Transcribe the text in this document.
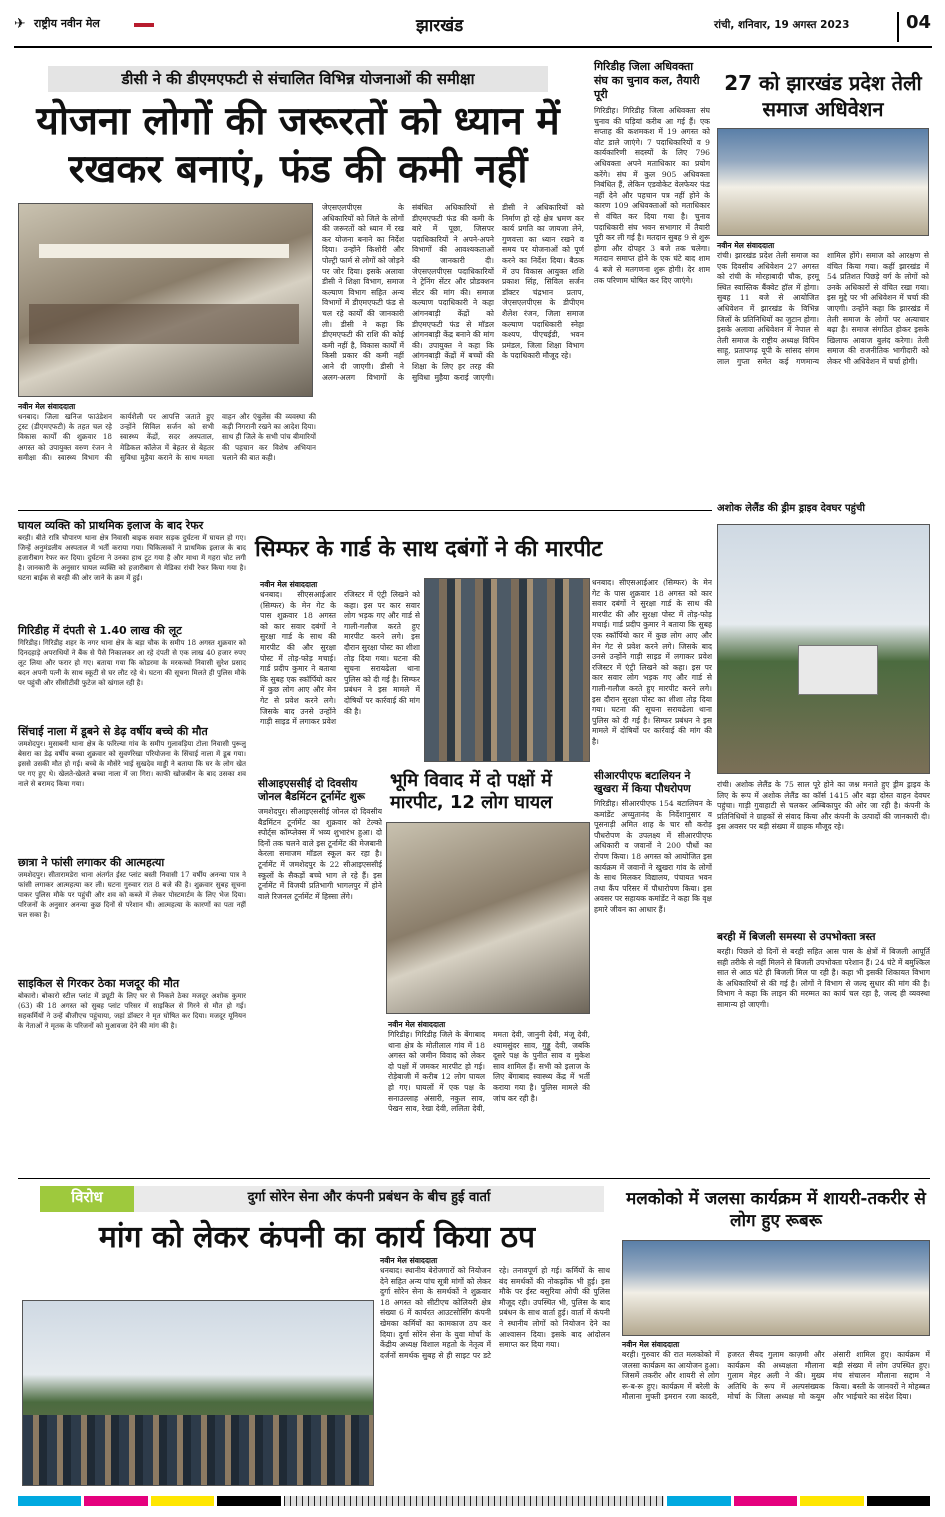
✈ राष्ट्रीय नवीन मेल	झारखंड	रांची, शनिवार, 19 अगस्त 2023	04
डीसी ने की डीएमएफटी से संचालित विभिन्न योजनाओं की समीक्षा
योजना लोगों की जरूरतों को ध्यान में रखकर बनाएं, फंड की कमी नहीं
नवीन मेल संवाददाता
धनबाद। जिला खनिज फाउंडेशन ट्रस्ट (डीएमएफटी) के तहत चल रहे विकास कार्यों की शुक्रवार 18 अगस्त को उपायुक्त वरुण रंजन ने समीक्षा की। स्वास्थ्य विभाग की कार्यशैली पर आपत्ति जताते हुए उन्होंने सिविल सर्जन को सभी स्वास्थ्य केंद्रों, सदर अस्पताल, मेडिकल कॉलेज में बेहतर से बेहतर सुविधा मुहैया कराने के साथ ममता वाहन और एंबुलेंस की व्यवस्था की कड़ी निगरानी रखने का आदेश दिया। साथ ही जिले के सभी पांच बीमारियों की पहचान कर विशेष अभियान चलाने की बात कही।
जेएसएलपीएस के अधिकारियों को जिले के लोगों की जरूरतों को ध्यान में रख कर योजना बनाने का निर्देश दिया। उन्होंने किशोरी और पोल्ट्री फार्म से लोगों को जोड़ने पर जोर दिया। इसके अलावा डीसी ने शिक्षा विभाग, समाज कल्याण विभाग सहित अन्य विभागों में डीएमएफटी फंड से चल रहे कार्यों की जानकारी ली। डीसी ने कहा कि डीएमएफटी की राशि की कोई कमी नहीं है, विकास कार्यों में किसी प्रकार की कमी नहीं आने दी जाएगी। डीसी ने अलग-अलग विभागों के संबंधित अधिकारियों से डीएमएफटी फंड की कमी के बारे में पूछा, जिसपर पदाधिकारियों ने अपने-अपने विभागों की आवश्यकताओं की जानकारी दी। जेएसएलपीएस पदाधिकारियों ने ट्रेनिंग सेंटर और प्रोडक्शन सेंटर की मांग की। समाज कल्याण पदाधिकारी ने कहा आंगनबाड़ी केंद्रों को डीएमएफटी फंड से मॉडल आंगनबाड़ी केंद्र बनाने की मांग की। उपायुक्त ने कहा कि आंगनबाड़ी केंद्रों में बच्चों की शिक्षा के लिए हर तरह की सुविधा मुहैया कराई जाएगी। डीसी ने अधिकारियों को निर्माण हो रहे क्षेत्र भ्रमण कर कार्य प्रगति का जायजा लेने, गुणवत्ता का ध्यान रखने व समय पर योजनाओं को पूर्ण करने का निर्देश दिया। बैठक में उप विकास आयुक्त शशि प्रकाश सिंह, सिविल सर्जन डॉक्टर चंद्रभान प्रताप, जेएसएलपीएस के डीपीएम शैलेश रंजन, जिला समाज कल्याण पदाधिकारी स्नेहा कश्यप, पीएचईडी, भवन प्रमंडल, जिला शिक्षा विभाग के पदाधिकारी मौजूद रहे।
गिरिडीह जिला अधिवक्ता संघ का चुनाव कल, तैयारी पूरी
गिरिडीह। गिरिडीह जिला अधिवक्ता संघ चुनाव की घड़ियां करीब आ गई हैं। एक सप्ताह की कशमकश में 19 अगस्त को वोट डाले जाएंगे। 7 पदाधिकारियों व 9 कार्यकारिणी सदस्यों के लिए 796 अधिवक्ता अपने मताधिकार का प्रयोग करेंगे। संघ में कुल 905 अधिवक्ता निबंधित हैं, लेकिन एडवोकेट वेलफेयर फंड नहीं देने और पहचान पत्र नहीं होने के कारण 109 अधिवक्ताओं को मताधिकार से वंचित कर दिया गया है। चुनाव पदाधिकारी संघ भवन सभागार में तैयारी पूरी कर ली गई है। मतदान सुबह 9 से शुरू होगा और दोपहर 3 बजे तक चलेगा। मतदान समाप्त होने के एक घंटे बाद शाम 4 बजे से मतगणना शुरू होगी। देर शाम तक परिणाम घोषित कर दिए जाएंगे।
27 को झारखंड प्रदेश तेली समाज अधिवेशन
नवीन मेल संवाददाता
रांची। झारखंड प्रदेश तेली समाज का एक दिवसीय अधिवेशन 27 अगस्त को रांची के मोरहाबादी चौक, हरमू स्थित स्वास्तिक बैंक्वेट हॉल में होगा। सुबह 11 बजे से आयोजित अधिवेशन में झारखंड के विभिन्न जिलों के प्रतिनिधियों का जुटान होगा। इसके अलावा अधिवेशन में नेपाल से तेली समाज के राष्ट्रीय अध्यक्ष विपिन साहू, प्रतापगढ़ यूपी के सांसद संगम लाल गुप्ता समेत कई गणमान्य शामिल होंगे। समाज को आरक्षण से वंचित किया गया। कहीं झारखंड में 54 प्रतिशत पिछड़े वर्ग के लोगों को उनके अधिकारों से वंचित रखा गया। इस मुद्दे पर भी अधिवेशन में चर्चा की जाएगी। उन्होंने कहा कि झारखंड में तेली समाज के लोगों पर अत्याचार बढ़ा है। समाज संगठित होकर इसके खिलाफ आवाज बुलंद करेगा। तेली समाज की राजनीतिक भागीदारी को लेकर भी अधिवेशन में चर्चा होगी।
घायल व्यक्ति को प्राथमिक इलाज के बाद रेफर
बरही। बीते रात्रि चौपारण थाना क्षेत्र निवासी बाइक सवार सड़क दुर्घटना में घायल हो गए। जिन्हें अनुमंडलीय अस्पताल में भर्ती कराया गया। चिकित्सकों ने प्राथमिक इलाज के बाद हजारीबाग रेफर कर दिया। दुर्घटना ने उनका हाथ टूट गया है और माथा में गहरा चोट लगी है। जानकारी के अनुसार घायल व्यक्ति को हजारीबाग से मेडिका रांची रेफर किया गया है। घटना बाईक से बरही की ओर जाने के क्रम में हुई।
गिरिडीह में दंपती से 1.40 लाख की लूट
गिरिडीह। गिरिडीह शहर के नगर थाना क्षेत्र के बड़ा चौक के समीप 18 अगस्त शुक्रवार को दिनदहाड़े अपराधियों ने बैंक से पैसे निकालकर आ रहे दंपती से एक लाख 40 हजार रुपए लूट लिया और फरार हो गए। बताया गया कि कोडरमा के मरकच्चो निवासी सुरेश प्रसाद बदन अपनी पत्नी के साथ स्कूटी से घर लौट रहे थे। घटना की सूचना मिलते ही पुलिस मौके पर पहुंची और सीसीटीवी फुटेज को खंगाल रही है।
सिंचाई नाला में डूबने से डेढ़ वर्षीय बच्चे की मौत
जमशेदपुर। मुसाबनी थाना क्षेत्र के फरिल्या गांव के समीप गुलावड़िया टोला निवासी पुरूलु बेसरा का डेढ़ वर्षीय बच्चा शुक्रवार को सुवर्णरेखा परियोजना के सिंचाई नाला में डूब गया। इससे उसकी मौत हो गई। बच्चे के मौसेरे भाई सुखदेव माड्डी ने बताया कि घर के लोग खेत पर गए हुए थे। खेलते-खेलते बच्चा नाला में जा गिरा। काफी खोजबीन के बाद उसका शव नाले से बरामद किया गया।
छात्रा ने फांसी लगाकर की आत्महत्या
जमशेदपुर। सीतारामडेरा थाना अंतर्गत ईस्ट प्लांट बस्ती निवासी 17 वर्षीय अनन्या पात्र ने फांसी लगाकर आत्महत्या कर ली। घटना गुरुवार रात 8 बजे की है। शुक्रवार सुबह सूचना पाकर पुलिस मौके पर पहुंची और शव को कब्जे में लेकर पोस्टमार्टम के लिए भेज दिया। परिजनों के अनुसार अनन्या कुछ दिनों से परेशान थी। आत्महत्या के कारणों का पता नहीं चल सका है।
साइकिल से गिरकर ठेका मजदूर की मौत
बोकारो। बोकारो स्टील प्लांट में ड्यूटी के लिए घर से निकले ठेका मजदूर अशोक कुमार (63) की 18 अगस्त को सुबह प्लांट परिसर में साइकिल से गिरने से मौत हो गई। सहकर्मियों ने उन्हें बीजीएच पहुंचाया, जहां डॉक्टर ने मृत घोषित कर दिया। मजदूर यूनियन के नेताओं ने मृतक के परिजनों को मुआवजा देने की मांग की है।
सिम्फर के गार्ड के साथ दबंगों ने की मारपीट
नवीन मेल संवाददाता
धनबाद। सीएसआईआर (सिम्फर) के मेन गेट के पास शुक्रवार 18 अगस्त को कार सवार दबंगों ने सुरक्षा गार्ड के साथ की मारपीट की और सुरक्षा पोस्ट में तोड़-फोड़ मचाई। गार्ड प्रदीप कुमार ने बताया कि सुबह एक स्कॉर्पियो कार में कुछ लोग आए और मेन गेट से प्रवेश करने लगे। जिसके बाद उनसे उन्होंने गाड़ी साइड में लगाकर प्रवेश रजिस्टर में एंट्री लिखने को कहा। इस पर कार सवार लोग भड़क गए और गार्ड से गाली-गलौज करते हुए मारपीट करने लगे। इस दौरान सुरक्षा पोस्ट का शीशा तोड़ दिया गया। घटना की सूचना सरायढेला थाना पुलिस को दी गई है। सिम्फर प्रबंधन ने इस मामले में दोषियों पर कार्रवाई की मांग की है।
धनबाद। सीएसआईआर (सिम्फर) के मेन गेट के पास शुक्रवार 18 अगस्त को कार सवार दबंगों ने सुरक्षा गार्ड के साथ की मारपीट की और सुरक्षा पोस्ट में तोड़-फोड़ मचाई। गार्ड प्रदीप कुमार ने बताया कि सुबह एक स्कॉर्पियो कार में कुछ लोग आए और मेन गेट से प्रवेश करने लगे। जिसके बाद उनसे उन्होंने गाड़ी साइड में लगाकर प्रवेश रजिस्टर में एंट्री लिखने को कहा। इस पर कार सवार लोग भड़क गए और गार्ड से गाली-गलौज करते हुए मारपीट करने लगे। इस दौरान सुरक्षा पोस्ट का शीशा तोड़ दिया गया। घटना की सूचना सरायढेला थाना पुलिस को दी गई है। सिम्फर प्रबंधन ने इस मामले में दोषियों पर कार्रवाई की मांग की है।
सीआइएससीई दो दिवसीय जोनल बैडमिंटन टूर्नामेंट शुरू
जमशेदपुर। सीआइएससीई जोनल दो दिवसीय बैडमिंटन टूर्नामेंट का शुक्रवार को टेल्को स्पोर्ट्स कॉम्प्लेक्स में भव्य शुभारंभ हुआ। दो दिनों तक चलने वाले इस टूर्नामेंट की मेजबानी केरला समाजम मॉडल स्कूल कर रहा है। टूर्नामेंट में जमशेदपुर के 22 सीआइएससीई स्कूलों के सैकड़ों बच्चे भाग ले रहे हैं। इस टूर्नामेंट में विजयी प्रतिभागी भागलपुर में होने वाले रिजनल टूर्नामेंट में हिस्सा लेंगे।
भूमि विवाद में दो पक्षों में मारपीट, 12 लोग घायल
नवीन मेल संवाददाता
गिरिडीह। गिरिडीह जिले के बेंगाबाद थाना क्षेत्र के मोतीलाल गांव में 18 अगस्त को जमीन विवाद को लेकर दो पक्षों में जमकर मारपीट हो गई। रोड़ेबाजी में करीब 12 लोग घायल हो गए। घायलों में एक पक्ष के सनाउल्लाह अंसारी, नकुल साव, पेखन साव, रेखा देवी, ललिता देवी, ममता देवी, जानुनी देवी, मंजू देवी, श्यामसुंदर साव, गुड्डू देवी, जबकि दूसरे पक्ष के पुनीत साव व मुकेश साव शामिल हैं। सभी को इलाज के लिए बेंगाबाद स्वास्थ्य केंद्र में भर्ती कराया गया है। पुलिस मामले की जांच कर रही है।
सीआरपीएफ बटालियन ने खुखरा में किया पौधरोपण
गिरिडीह। सीआरपीएफ 154 बटालियन के कमांडेंट अच्युतानंद के निर्देशानुसार व पूसनाड़ी अमित शाह के चार सौ करोड़ पौधरोपण के उपलक्ष्य में सीआरपीएफ अधिकारी व जवानों ने 200 पौधों का रोपण किया। 18 अगस्त को आयोजित इस कार्यक्रम में जवानों ने खुखरा गांव के लोगों के साथ मिलकर विद्यालय, पंचायत भवन तथा कैंप परिसर में पौधारोपण किया। इस अवसर पर सहायक कमांडेंट ने कहा कि वृक्ष हमारे जीवन का आधार हैं।
अशोक लेलैंड की ड्रीम ड्राइव देवघर पहुंची
रांची। अशोक लेलैंड के 75 साल पूरे होने का जश्न मनाते हुए ड्रीम ड्राइव के लिए के रूप में अशोक लेलैंड का कॉर्स 1415 और बड़ा दोस्त वाहन देवघर पहुंचा। गाड़ी गुवाहाटी से चलकर अम्बिकापुर की ओर जा रही है। कंपनी के प्रतिनिधियों ने ग्राहकों से संवाद किया और कंपनी के उत्पादों की जानकारी दी। इस अवसर पर बड़ी संख्या में ग्राहक मौजूद रहे।
बरही में बिजली समस्या से उपभोक्ता त्रस्त
बरही। पिछले दो दिनों से बरही सहित आस पास के क्षेत्रों में बिजली आपूर्ति सही तरीके से नहीं मिलने से बिजली उपभोक्ता परेशान हैं। 24 घंटे में बमुश्किल सात से आठ घंटे ही बिजली मिल पा रही है। कहा भी इसकी शिकायत विभाग के अधिकारियों से की गई है। लोगों ने विभाग से जल्द सुधार की मांग की है। विभाग ने कहा कि लाइन की मरम्मत का कार्य चल रहा है, जल्द ही व्यवस्था सामान्य हो जाएगी।
विरोध	दुर्गा सोरेन सेना और कंपनी प्रबंधन के बीच हुई वार्ता
मांग को लेकर कंपनी का कार्य किया ठप
नवीन मेल संवाददाता
धनबाद। स्थानीय बेरोजगारों को नियोजन देने सहित अन्य पांच सूत्री मांगों को लेकर दुर्गा सोरेन सेना के समर्थकों ने शुक्रवार 18 अगस्त को सीटीएच कोलियरी क्षेत्र संख्या 6 में कार्यरत आउटसोर्सिंग कंपनी खेमका कर्मियों का कामकाज ठप कर दिया। दुर्गा सोरेन सेना के युवा मोर्चा के केंद्रीय अध्यक्ष विशाल महतो के नेतृत्व में दर्जनों समर्थक सुबह से ही साइट पर डटे रहे। तनावपूर्ण हो गई। कर्मियों के साथ बंद समर्थकों की नोकझोंक भी हुई। इस मौके पर ईस्ट बसुरिया ओपी की पुलिस मौजूद रही। उपस्थित भी, पुलिस के बाद प्रबंधन के साथ वार्ता हुई। वार्ता में कंपनी ने स्थानीय लोगों को नियोजन देने का आश्वासन दिया। इसके बाद आंदोलन समाप्त कर दिया गया।
मलकोको में जलसा कार्यक्रम में शायरी-तकरीर से लोग हुए रूबरू
नवीन मेल संवाददाता
बरही। गुरुवार की रात मलकोको में जलसा कार्यक्रम का आयोजन हुआ। जिसमें तकरीर और शायरी से लोग रू-ब-रू हुए। कार्यक्रम में बरेली के मौलाना मुफ्ती इमरान रजा कादरी, हजरत सैयद गुलाम काज़मी और कार्यक्रम की अध्यक्षता मौलाना गुलाम मेहर अली ने की। मुख्य अतिथि के रूप में अल्पसंख्यक मोर्चा के जिला अध्यक्ष मो कयूम अंसारी शामिल हुए। कार्यक्रम में बड़ी संख्या में लोग उपस्थित हुए। मंच संचालन मौलाना सद्दाम ने किया। बस्ती के जानवरों ने मोहब्बत और भाईचारे का संदेश दिया।
